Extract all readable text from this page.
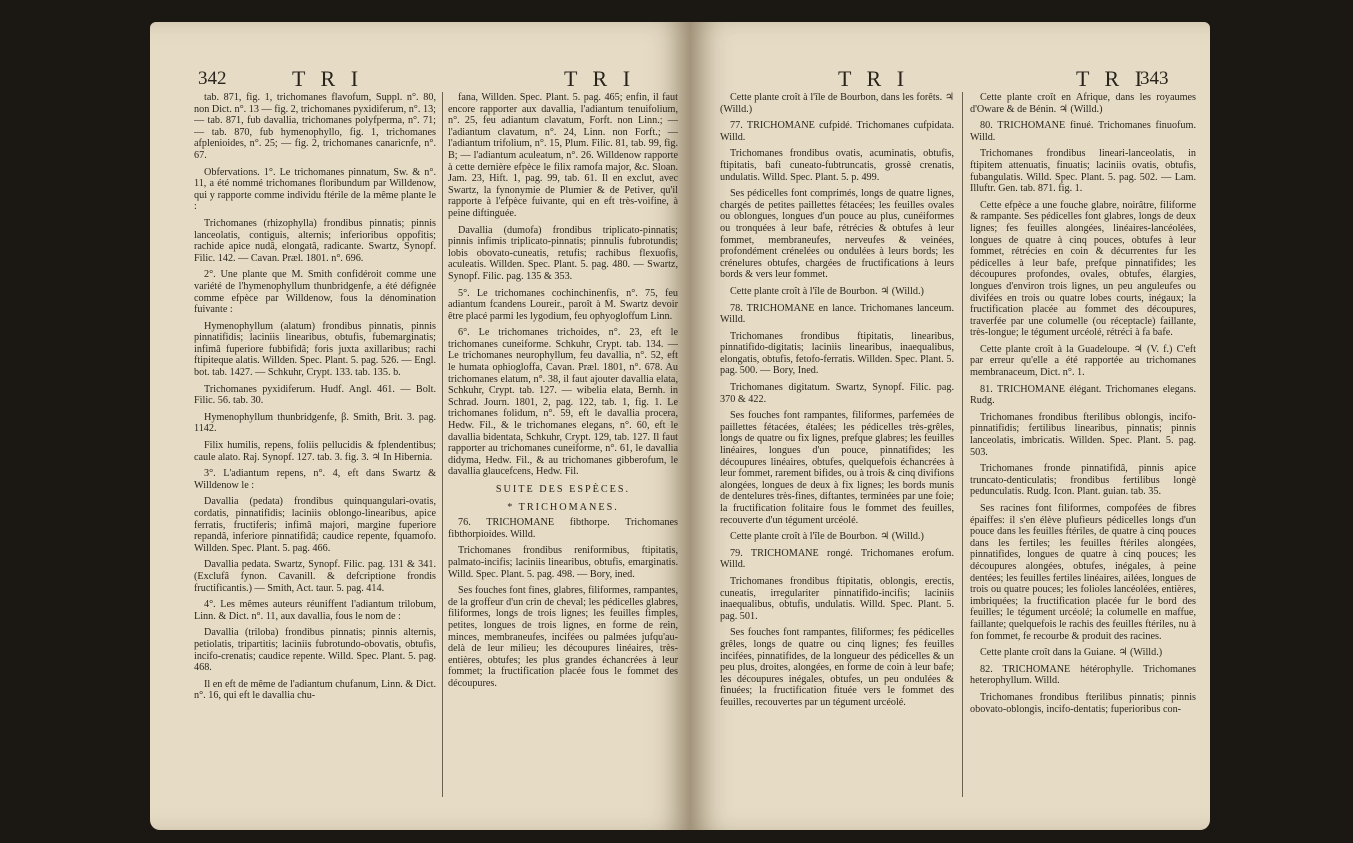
342	T R I	T R I

tab. 871, fig. 1, trichomanes flavofum, Suppl. n°. 80, non Dict. n°. 13 — fig. 2, trichomanes pyxidiferum, n°. 13; — tab. 871, fub davallia, trichomanes polyfperma, n°. 71; — tab. 870, fub hymenophyllo, fig. 1, trichomanes afplenioides, n°. 25; — fig. 2, trichomanes canaricnfe, n°. 67.

Obfervations. 1°. Le trichomanes pinnatum, Sw. & n°. 11, a été nommé trichomanes floribundum par Willdenow, qui y rapporte comme individu ftérile de la même plante le :

Trichomanes (rhizophylla) frondibus pinnatis; pinnis lanceolatis, contiguis, alternis; inferioribus oppofitis; rachide apice nudâ, elongatâ, radicante. Swartz, Synopf. Filic. 142. — Cavan. Præl. 1801. n°. 696.

2°. Une plante que M. Smith confidéroit comme une variété de l'hymenophyllum thunbridgenfe, a été défignée comme efpèce par Willdenow, fous la dénomination fuivante :

Hymenophyllum (alatum) frondibus pinnatis, pinnis pinnatifidis; laciniis linearibus, obtufis, fubemarginatis; infimâ fuperiore fubbifidâ; foris juxta axillaribus; rachi ftipiteque alatis. Willden. Spec. Plant. 5. pag. 526. — Engl. bot. tab. 1427. — Schkuhr, Crypt. 133. tab. 135. b.

Trichomanes pyxidiferum. Hudf. Angl. 461. — Bolt. Filic. 56. tab. 30.

Hymenophyllum thunbridgenfe, β. Smith, Brit. 3. pag. 1142.

Filix humilis, repens, foliis pellucidis & fplendentibus; caule alato. Raj. Synopf. 127. tab. 3. fig. 3. ♃ In Hibernia.

3°. L'adiantum repens, n°. 4, eft dans Swartz & Willdenow le :

Davallia (pedata) frondibus quinquangulari-ovatis, cordatis, pinnatifidis; laciniis oblongo-linearibus, apice ferratis, fructiferis; infimâ majori, margine fuperiore repandâ, inferiore pinnatifidâ; caudice repente, fquamofo. Willden. Spec. Plant. 5. pag. 466.

Davallia pedata. Swartz, Synopf. Filic. pag. 131 & 341. (Exclufâ fynon. Cavanill. & defcriptione frondis fructificantis.) — Smith, Act. taur. 5. pag. 414.

4°. Les mêmes auteurs réuniffent l'adiantum trilobum, Linn. & Dict. n°. 11, aux davallia, fous le nom de :

Davallia (triloba) frondibus pinnatis; pinnis alternis, petiolatis, tripartitis; laciniis fubrotundo-obovatis, obtufis, incifo-crenatis; caudice repente. Willd. Spec. Plant. 5. pag. 468.

Il en eft de même de l'adiantum chufanum, Linn. & Dict. n°. 16, qui eft le davallia chu-

fana, Willden. Spec. Plant. 5. pag. 465; enfin, il faut encore rapporter aux davallia, l'adiantum tenuifolium, n°. 25, feu adiantum clavatum, Forft. non Linn.; — l'adiantum clavatum, n°. 24, Linn. non Forft.; — l'adiantum trifolium, n°. 15, Plum. Filic. 81, tab. 99, fig. B; — l'adiantum aculeatum, n°. 26. Willdenow rapporte à cette dernière efpèce le filix ramofa major, &c. Sloan. Jam. 23, Hift. 1, pag. 99, tab. 61. Il en exclut, avec Swartz, la fynonymie de Plumier & de Petiver, qu'il rapporte à l'efpèce fuivante, qui en eft très-voifine, à peine diftinguée.

Davallia (dumofa) frondibus triplicato-pinnatis; pinnis infimis triplicato-pinnatis; pinnulis fubrotundis; lobis obovato-cuneatis, retufis; rachibus flexuofis, aculeatis. Willden. Spec. Plant. 5. pag. 480. — Swartz, Synopf. Filic. pag. 135 & 353.

5°. Le trichomanes cochinchinenfis, n°. 75, feu adiantum fcandens Loureir., paroît à M. Swartz devoir être placé parmi les lygodium, feu ophyogloffum Linn.

6°. Le trichomanes trichoides, n°. 23, eft le trichomanes cuneiforme. Schkuhr, Crypt. tab. 134. — Le trichomanes neurophyllum, feu davallia, n°. 52, eft le humata ophiogloffa, Cavan. Præl. 1801, n°. 678. Au trichomanes elatum, n°. 38, il faut ajouter davallia elata, Schkuhr, Crypt. tab. 127. — wibelia elata, Bernh. in Schrad. Journ. 1801, 2, pag. 122, tab. 1, fig. 1. Le trichomanes folidum, n°. 59, eft le davallia procera, Hedw. Fil., & le trichomanes elegans, n°. 60, eft le davallia bidentata, Schkuhr, Crypt. 129, tab. 127. Il faut rapporter au trichomanes cuneiforme, n°. 61, le davallia didyma, Hedw. Fil., & au trichomanes gibberofum, le davallia glaucefcens, Hedw. Fil.

SUITE DES ESPÈCES.

* TRICHOMANES.

76. TRICHOMANE fibthorpe. Trichomanes fibthorpioides. Willd.

Trichomanes frondibus reniformibus, ftipitatis, palmato-incifis; laciniis linearibus, obtufis, emarginatis. Willd. Spec. Plant. 5. pag. 498. — Bory, ined.

Ses fouches font fines, glabres, filiformes, rampantes, de la groffeur d'un crin de cheval; les pédicelles glabres, filiformes, longs de trois lignes; les feuilles fimples, petites, longues de trois lignes, en forme de rein, minces, membraneufes, incifées ou palmées jufqu'au-delà de leur milieu; les découpures linéaires, très-entières, obtufes; les plus grandes échancrées à leur fommet; la fructification placée fous le fommet des découpures.

T R I	T R I
343

Cette plante croît à l'île de Bourbon, dans les forêts. ♃ (Willd.)

77. TRICHOMANE cufpidé. Trichomanes cufpidata. Willd.

Trichomanes frondibus ovatis, acuminatis, obtufis, ftipitatis, bafi cuneato-fubtruncatis, grossè crenatis, undulatis. Willd. Spec. Plant. 5. p. 499.

Ses pédicelles font comprimés, longs de quatre lignes, chargés de petites paillettes fétacées; les feuilles ovales ou oblongues, longues d'un pouce au plus, cunéiformes ou tronquées à leur bafe, rétrécies & obtufes à leur fommet, membraneufes, nerveufes & veinées, profondément crénelées ou ondulées à leurs bords; les crénelures obtufes, chargées de fructifications à leurs bords & vers leur fommet.

Cette plante croît à l'île de Bourbon. ♃ (Willd.)

78. TRICHOMANE en lance. Trichomanes lanceum. Willd.

Trichomanes frondibus ftipitatis, linearibus, pinnatifido-digitatis; laciniis linearibus, inaequalibus, elongatis, obtufis, fetofo-ferratis. Willden. Spec. Plant. 5. pag. 500. — Bory, Ined.

Trichomanes digitatum. Swartz, Synopf. Filic. pag. 370 & 422.

Ses fouches font rampantes, filiformes, parfemées de paillettes fétacées, étalées; les pédicelles très-grêles, longs de quatre ou fix lignes, prefque glabres; les feuilles linéaires, longues d'un pouce, pinnatifides; les découpures linéaires, obtufes, quelquefois échancrées à leur fommet, rarement bifides, ou à trois & cinq divifions alongées, longues de deux à fix lignes; les bords munis de dentelures très-fines, diftantes, terminées par une foie; la fructification folitaire fous le fommet des feuilles, recouverte d'un tégument urcéolé.

Cette plante croît à l'île de Bourbon. ♃ (Willd.)

79. TRICHOMANE rongé. Trichomanes erofum. Willd.

Trichomanes frondibus ftipitatis, oblongis, erectis, cuneatis, irregulariter pinnatifido-incifis; laciniis inaequalibus, obtufis, undulatis. Willd. Spec. Plant. 5. pag. 501.

Ses fouches font rampantes, filiformes; fes pédicelles grêles, longs de quatre ou cinq lignes; fes feuilles incifées, pinnatifides, de la longueur des pédicelles & un peu plus, droites, alongées, en forme de coin à leur bafe; les découpures inégales, obtufes, un peu ondulées & finuées; la fructification fituée vers le fommet des feuilles, recouvertes par un tégument urcéolé.

Cette plante croît en Afrique, dans les royaumes d'Oware & de Bénin. ♃ (Willd.)

80. TRICHOMANE finué. Trichomanes finuofum. Willd.

Trichomanes frondibus lineari-lanceolatis, in ftipitem attenuatis, finuatis; laciniis ovatis, obtufis, fubangulatis. Willd. Spec. Plant. 5. pag. 502. — Lam. Illuftr. Gen. tab. 871. fig. 1.

Cette efpèce a une fouche glabre, noirâtre, filiforme & rampante. Ses pédicelles font glabres, longs de deux lignes; fes feuilles alongées, linéaires-lancéolées, longues de quatre à cinq pouces, obtufes à leur fommet, rétrécies en coin & décurrentes fur les pédicelles à leur bafe, prefque pinnatifides; les découpures profondes, ovales, obtufes, élargies, longues d'environ trois lignes, un peu anguleufes ou divifées en trois ou quatre lobes courts, inégaux; la fructification placée au fommet des découpures, traverfée par une columelle (ou réceptacle) faillante, très-longue; le tégument urcéolé, rétréci à fa bafe.

Cette plante croît à la Guadeloupe. ♃ (V. f.) C'eft par erreur qu'elle a été rapportée au trichomanes membranaceum, Dict. n°. 1.

81. TRICHOMANE élégant. Trichomanes elegans. Rudg.

Trichomanes frondibus fterilibus oblongis, incifo-pinnatifidis; fertilibus linearibus, pinnatis; pinnis lanceolatis, imbricatis. Willden. Spec. Plant. 5. pag. 503.

Trichomanes fronde pinnatifidâ, pinnis apice truncato-denticulatis; frondibus fertilibus longè pedunculatis. Rudg. Icon. Plant. guian. tab. 35.

Ses racines font filiformes, compofées de fibres épaiffes: il s'en élève plufieurs pédicelles longs d'un pouce dans les feuilles ftériles, de quatre à cinq pouces dans les fertiles; les feuilles ftériles alongées, pinnatifides, longues de quatre à cinq pouces; les découpures alongées, obtufes, inégales, à peine dentées; les feuilles fertiles linéaires, ailées, longues de trois ou quatre pouces; les folioles lancéolées, entières, imbriquées; la fructification placée fur le bord des feuilles; le tégument urcéolé; la columelle en maffue, faillante; quelquefois le rachis des feuilles ftériles, nu à fon fommet, fe recourbe & produit des racines.

Cette plante croît dans la Guiane. ♃ (Willd.)

82. TRICHOMANE hétérophylle. Trichomanes heterophyllum. Willd.

Trichomanes frondibus fterilibus pinnatis; pinnis obovato-oblongis, incifo-dentatis; fuperioribus con-
